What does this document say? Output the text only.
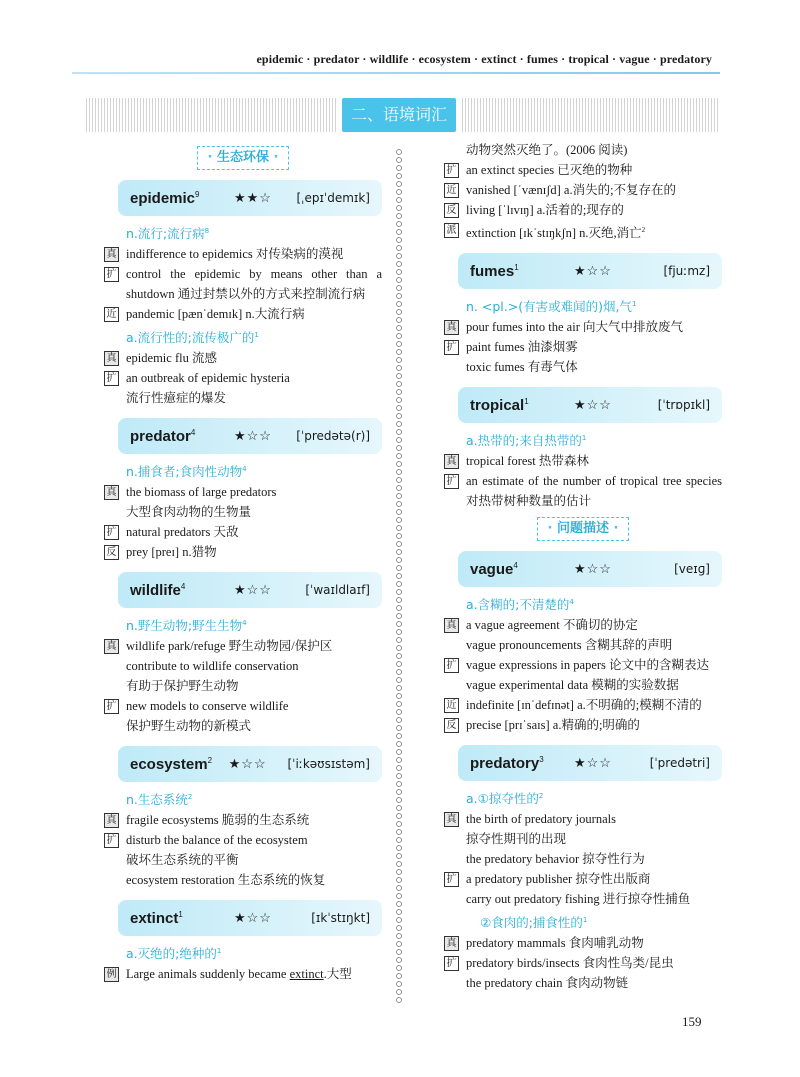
epidemic · predator · wildlife · ecosystem · extinct · fumes · tropical · vague · predatory
二、语境词汇
· 生态环保 ·
epidemic$^9$	★★☆	[ˌepɪˈdemɪk]
n.流行;流行病$^8$
真 indifference to epidemics 对传染病的漠视
扩 control the epidemic by means other than a shutdown 通过封禁以外的方式来控制流行病
近 pandemic [pænˈdemɪk] n.大流行病
a.流行性的;流传极广的$^1$
真 epidemic flu 流感
扩 an outbreak of epidemic hysteria
流行性癔症的爆发
predator$^4$	★☆☆	[ˈpredətə(r)]
n.捕食者;食肉性动物$^4$
真 the biomass of large predators
大型食肉动物的生物量
扩 natural predators 天敌
反 prey [preɪ] n.猎物
wildlife$^4$	★☆☆	[ˈwaɪldlaɪf]
n.野生动物;野生生物$^4$
真 wildlife park/refuge 野生动物园/保护区
contribute to wildlife conservation
有助于保护野生动物
扩 new models to conserve wildlife
保护野生动物的新模式
ecosystem$^2$	★☆☆	[ˈiːkəʊsɪstəm]
n.生态系统$^2$
真 fragile ecosystems 脆弱的生态系统
扩 disturb the balance of the ecosystem
破坏生态系统的平衡
ecosystem restoration 生态系统的恢复
extinct$^1$	★☆☆	[ɪkˈstɪŋkt]
a.灭绝的;绝种的$^1$
例 Large animals suddenly became extinct.大型
动物突然灭绝了。(2006 阅读)
扩 an extinct species 已灭绝的物种
近 vanished [ˈvænɪʃd] a.消失的;不复存在的
反 living [ˈlɪvɪŋ] a.活着的;现存的
派 extinction [ɪkˈstɪŋkʃn] n.灭绝,消亡$^2$
fumes$^1$	★☆☆	[fjuːmz]
n. <pl.>(有害或难闻的)烟,气$^1$
真 pour fumes into the air 向大气中排放废气
扩 paint fumes 油漆烟雾
toxic fumes 有毒气体
tropical$^1$	★☆☆	[ˈtrɒpɪkl]
a.热带的;来自热带的$^1$
真 tropical forest 热带森林
扩 an estimate of the number of tropical tree species 对热带树种数量的估计
· 问题描述 ·
vague$^4$	★☆☆	[veɪɡ]
a.含糊的;不清楚的$^4$
真 a vague agreement 不确切的协定
vague pronouncements 含糊其辞的声明
扩 vague expressions in papers 论文中的含糊表达
vague experimental data 模糊的实验数据
近 indefinite [ɪnˈdefɪnət] a.不明确的;模糊不清的
反 precise [prɪˈsaɪs] a.精确的;明确的
predatory$^3$	★☆☆	[ˈpredətri]
a.①掠夺性的$^2$
真 the birth of predatory journals
掠夺性期刊的出现
the predatory behavior 掠夺性行为
扩 a predatory publisher 掠夺性出版商
carry out predatory fishing 进行掠夺性捕鱼
②食肉的;捕食性的$^1$
真 predatory mammals 食肉哺乳动物
扩 predatory birds/insects 食肉性鸟类/昆虫
the predatory chain 食肉动物链
159
